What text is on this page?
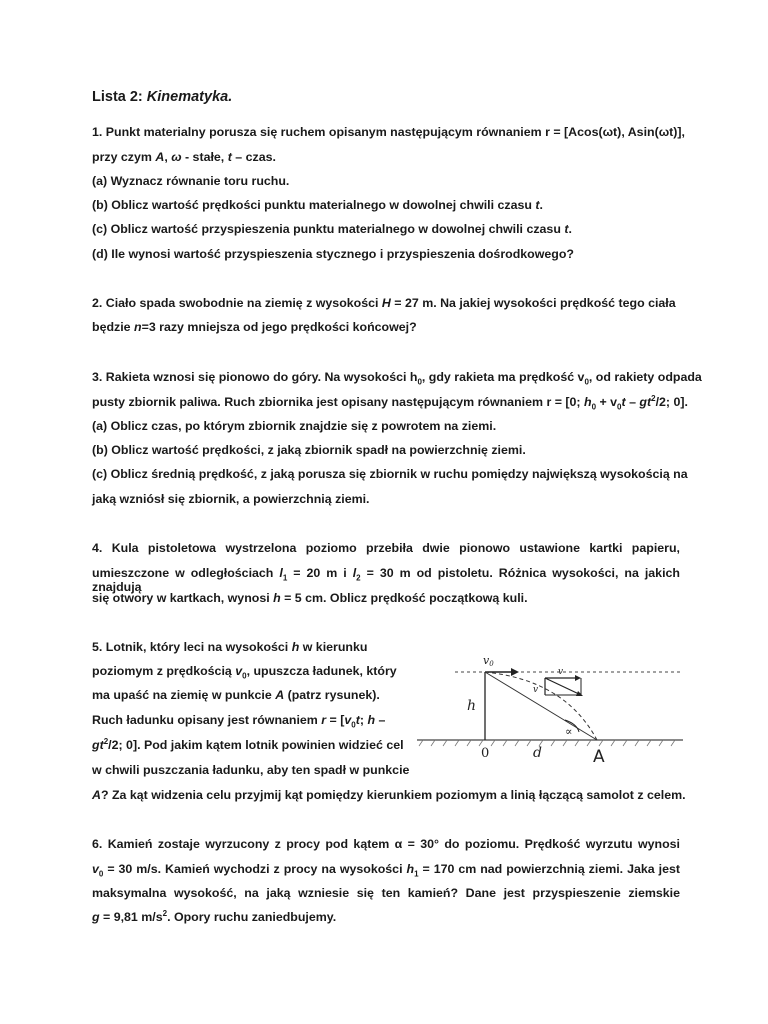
Lista 2: Kinematyka.
1. Punkt materialny porusza się ruchem opisanym następującym równaniem r = [Acos(ωt), Asin(ωt)],
przy czym A, ω - stałe, t – czas.
(a) Wyznacz równanie toru ruchu.
(b) Oblicz wartość prędkości punktu materialnego w dowolnej chwili czasu t.
(c) Oblicz wartość przyspieszenia punktu materialnego w dowolnej chwili czasu t.
(d) Ile wynosi wartość przyspieszenia stycznego i przyspieszenia dośrodkowego?
2. Ciało spada swobodnie na ziemię z wysokości H = 27 m. Na jakiej wysokości prędkość tego ciała
będzie n=3 razy mniejsza od jego prędkości końcowej?
3. Rakieta wznosi się pionowo do góry. Na wysokości $h_0$, gdy rakieta ma prędkość $v_0$, od rakiety odpada
pusty zbiornik paliwa. Ruch zbiornika jest opisany następującym równaniem r = [0; $h_0 + v_0t - gt^2/2$; 0].
(a) Oblicz czas, po którym zbiornik znajdzie się z powrotem na ziemi.
(b) Oblicz wartość prędkości, z jaką zbiornik spadł na powierzchnię ziemi.
(c) Oblicz średnią prędkość, z jaką porusza się zbiornik w ruchu pomiędzy największą wysokością na
jaką wzniósł się zbiornik, a powierzchnią ziemi.
4. Kula pistoletowa wystrzelona poziomo przebiła dwie pionowo ustawione kartki papieru,
umieszczone w odległościach $l_1 = 20$ m i $l_2 = 30$ m od pistoletu. Różnica wysokości, na jakich znajdują
się otwory w kartkach, wynosi h = 5 cm. Oblicz prędkość początkową kuli.
5. Lotnik, który leci na wysokości h w kierunku
poziomym z prędkością $v_0$, upuszcza ładunek, który
ma upaść na ziemię w punkcie A (patrz rysunek).
Ruch ładunku opisany jest równaniem $r = [v_0t$; h –
$gt^2/2$; 0]. Pod jakim kątem lotnik powinien widzieć cel
w chwili puszczania ładunku, aby ten spadł w punkcie
A? Za kąt widzenia celu przyjmij kąt pomiędzy kierunkiem poziomym a linią łączącą samolot z celem.
v0
v
v
h
∝
0	d	A
6. Kamień zostaje wyrzucony z procy pod kątem α = 30° do poziomu. Prędkość wyrzutu wynosi
$v_0 = 30$ m/s. Kamień wychodzi z procy na wysokości $h_1 = 170$ cm nad powierzchnią ziemi. Jaka jest
maksymalna wysokość, na jaką wzniesie się ten kamień? Dane jest przyspieszenie ziemskie
g = 9,81 $m/s^2$. Opory ruchu zaniedbujemy.
